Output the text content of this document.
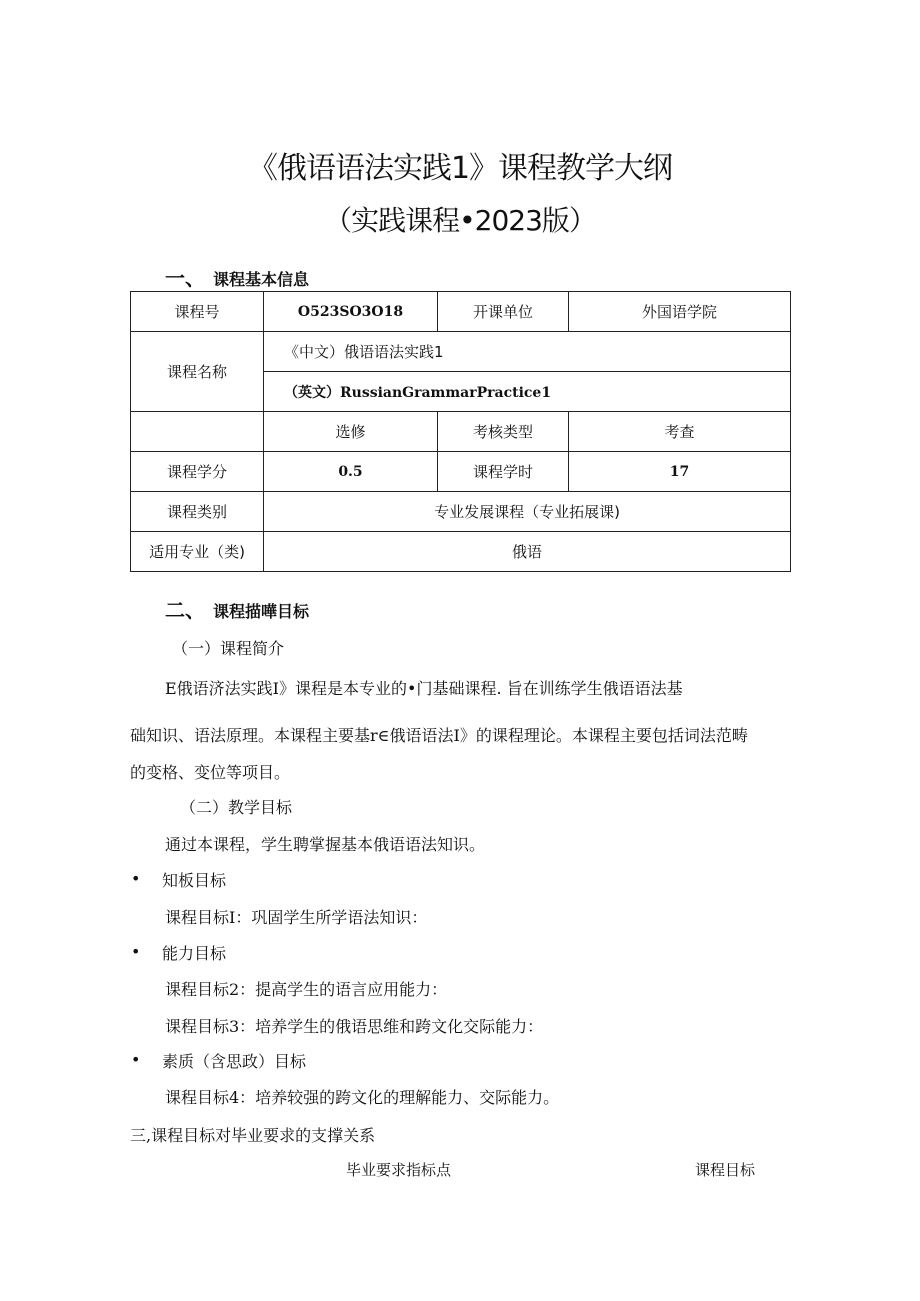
《俄语语法实践1》课程教学大纲
（实践课程•2023版）
一、 课程基本信息
课程号	O523SO3O18	开课单位	外国语学院
课程名称	《中文）俄语语法实践1		
	（英文）RussianGrammarPractice1		
	选修	考核类型	考查
课程学分	0.5	课程学时	17
课程类别	专业发展课程（专业拓展课)		
适用专业（类)	俄语		
二、 课程描嘩目标
（一）课程简介
E俄语济法实践I》课程是本专业的•门基础课程. 旨在训练学生俄语语法基
础知识、语法原理。本课程主要基r∈俄语语法I》的课程理论。本课程主要包括词法范畴
的变格、变位等项目。
（二）教学目标
通过本课程，学生聘掌握基本俄语语法知识。
• 知板目标
课程目标I：巩固学生所学语法知识：
• 能力目标
课程目标2：提高学生的语言应用能力：
课程目标3：培养学生的俄语思维和跨文化交际能力：
• 素质（含思政）目标
课程目标4：培养较强的跨文化的理解能力、交际能力。
三,课程目标对毕业要求的支撑关系
毕业要求指标点	课程目标
